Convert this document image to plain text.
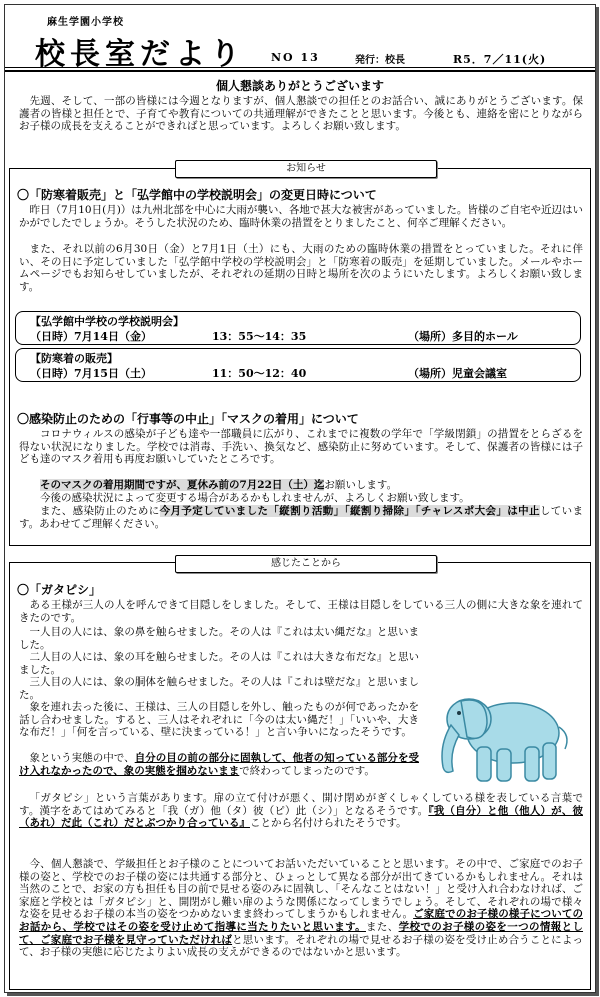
麻生学園小学校
校長室だより NO 13	発行：校長	R5．7／11(火)
個人懇談ありがとうございます
先週、そして、一部の皆様には今週となりますが、個人懇談での担任とのお話合い、誠にありがとうございます。保護者の皆様と担任とで、子育てや教育についての共通理解ができたことと思います。今後とも、連絡を密にとりながらお子様の成長を支えることができればと思っています。よろしくお願い致します。
お知らせ
〇「防寒着販売」と「弘学館中の学校説明会」の変更日時について
昨日（7月10日(月)）は九州北部を中心に大雨が襲い、各地で甚大な被害があっていました。皆様のご自宅や近辺はいかがでしたでしょうか。そうした状況のため、臨時休業の措置をとりましたこと、何卒ご理解ください。
また、それ以前の6月30日（金）と7月1日（土）にも、大雨のための臨時休業の措置をとっていました。それに伴い、その日に予定していました「弘学館中学校の学校説明会」と「防寒着の販売」を延期していました。メールやホームページでもお知らせしていましたが、それぞれの延期の日時と場所を次のようにいたします。よろしくお願い致します。
【弘学館中学校の学校説明会】
（日時）7月14日（金）	13：55～14：35	（場所）多目的ホール
【防寒着の販売】
（日時）7月15日（土）	11：50～12：40	（場所）児童会議室
〇感染防止のための「行事等の中止」「マスクの着用」について
コロナウィルスの感染が子ども達や一部職員に広がり、これまでに複数の学年で「学級閉鎖」の措置をとらざるを得ない状況になりました。学校では消毒、手洗い、換気など、感染防止に努めています。そして、保護者の皆様には子ども達のマスク着用も再度お願いしていたところです。
そのマスクの着用期間ですが、夏休み前の7月22日（土）迄お願いします。
今後の感染状況によって変更する場合があるかもしれませんが、よろしくお願い致します。
また、感染防止のために今月予定していました「縦割り活動」「縦割り掃除」「チャレスポ大会」は中止しています。あわせてご理解ください。
感じたことから
〇「ガタピシ」
ある王様が三人の人を呼んできて目隠しをしました。そして、王様は目隠しをしている三人の側に大きな象を連れてきたのです。
一人目の人には、象の鼻を触らせました。その人は『これは太い縄だな』と思いました。
二人目の人には、象の耳を触らせました。その人は『これは大きな布だな』と思いました。
三人目の人には、象の胴体を触らせました。その人は『これは壁だな』と思いました。
象を連れ去った後に、王様は、三人の目隠しを外し、触ったものが何であったかを話し合わせました。すると、三人はそれぞれに「今のは太い縄だ！」「いいや、大きな布だ！」「何を言っている、壁に決まっている！」と言い争いになったそうです。
象という実態の中で、自分の目の前の部分に固執して、他者の知っている部分を受け入れなかったので、象の実態を掴めないままで終わってしまったのです。
「ガタピシ」という言葉があります。扉の立て付けが悪く、開け閉めがぎくしゃくしている様を表している言葉です。漢字をあてはめてみると「我（ガ）他（タ）彼（ピ）此（シ）」となるそうです。『我（自分）と他（他人）が、彼（あれ）だ此（これ）だとぶつかり合っている』ことから名付けられたそうです。
今、個人懇談で、学級担任とお子様のことについてお話いただいていることと思います。その中で、ご家庭でのお子様の姿と、学校でのお子様の姿には共通する部分と、ひょっとして異なる部分が出てきているかもしれません。それは当然のことで、お家の方も担任も目の前で見せる姿のみに固執し、「そんなことはない！」と受け入れ合わなければ、ご家庭と学校とは「ガタピシ」と、開閉がし難い扉のような関係になってしまうでしょう。そして、それぞれの場で様々な姿を見せるお子様の本当の姿をつかめないまま終わってしまうかもしれません。ご家庭でのお子様の様子についてのお話から、学校ではその姿を受け止めて指導に当たりたいと思います。また、学校でのお子様の姿を一つの情報として、ご家庭でお子様を見守っていただければと思います。それぞれの場で見せるお子様の姿を受け止め合うことによって、お子様の実態に応じたよりよい成長の支えができるのではないかと思います。
